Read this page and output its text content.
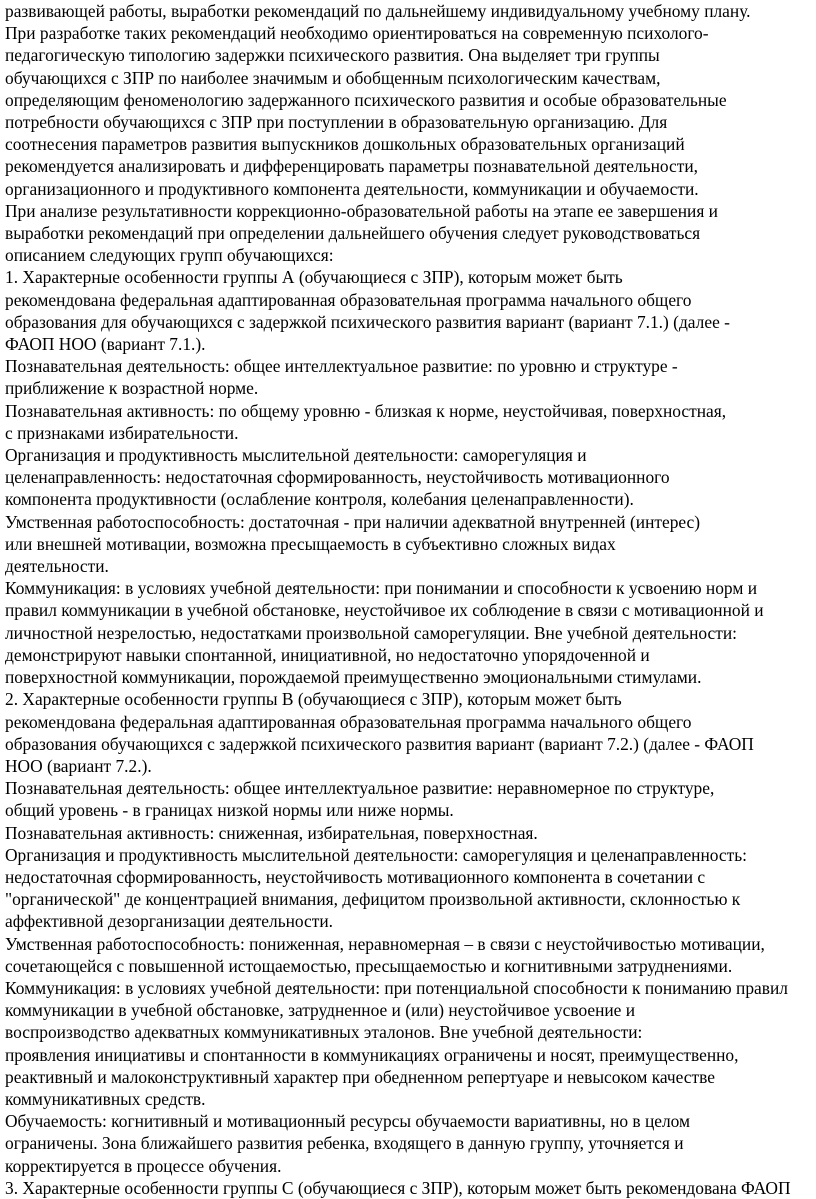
развивающей работы, выработки рекомендаций по дальнейшему индивидуальному учебному плану.
При разработке таких рекомендаций необходимо ориентироваться на современную психолого-
педагогическую типологию задержки психического развития. Она выделяет три группы
обучающихся с ЗПР по наиболее значимым и обобщенным психологическим качествам,
определяющим феноменологию задержанного психического развития и особые образовательные
потребности обучающихся с ЗПР при поступлении в образовательную организацию. Для
соотнесения параметров развития выпускников дошкольных образовательных организаций
рекомендуется анализировать и дифференцировать параметры познавательной деятельности,
организационного и продуктивного компонента деятельности, коммуникации и обучаемости.
При анализе результативности коррекционно-образовательной работы на этапе ее завершения и
выработки рекомендаций при определении дальнейшего обучения следует руководствоваться
описанием следующих групп обучающихся:
1. Характерные особенности группы А (обучающиеся с ЗПР), которым может быть
рекомендована федеральная адаптированная образовательная программа начального общего
образования для обучающихся с задержкой психического развития вариант (вариант 7.1.) (далее -
ФАОП НОО (вариант 7.1.).
Познавательная деятельность: общее интеллектуальное развитие: по уровню и структуре -
приближение к возрастной норме.
Познавательная активность: по общему уровню - близкая к норме, неустойчивая, поверхностная,
с признаками избирательности.
Организация и продуктивность мыслительной деятельности: саморегуляция и
целенаправленность: недостаточная сформированность, неустойчивость мотивационного
компонента продуктивности (ослабление контроля, колебания целенаправленности).
Умственная работоспособность: достаточная - при наличии адекватной внутренней (интерес)
или внешней мотивации, возможна пресыщаемость в субъективно сложных видах
деятельности.
Коммуникация: в условиях учебной деятельности: при понимании и способности к усвоению норм и
правил коммуникации в учебной обстановке, неустойчивое их соблюдение в связи с мотивационной и
личностной незрелостью, недостатками произвольной саморегуляции. Вне учебной деятельности:
демонстрируют навыки спонтанной, инициативной, но недостаточно упорядоченной и
поверхностной коммуникации, порождаемой преимущественно эмоциональными стимулами.
2. Характерные особенности группы В (обучающиеся с ЗПР), которым может быть
рекомендована федеральная адаптированная образовательная программа начального общего
образования обучающихся с задержкой психического развития вариант (вариант 7.2.) (далее - ФАОП
НОО (вариант 7.2.).
Познавательная деятельность: общее интеллектуальное развитие: неравномерное по структуре,
общий уровень - в границах низкой нормы или ниже нормы.
Познавательная активность: сниженная, избирательная, поверхностная.
Организация и продуктивность мыслительной деятельности: саморегуляция и целенаправленность:
недостаточная сформированность, неустойчивость мотивационного компонента в сочетании с
"органической" де концентрацией внимания, дефицитом произвольной активности, склонностью к
аффективной дезорганизации деятельности.
Умственная работоспособность: пониженная, неравномерная – в связи с неустойчивостью мотивации,
сочетающейся с повышенной истощаемостью, пресыщаемостью и когнитивными затруднениями.
Коммуникация: в условиях учебной деятельности: при потенциальной способности к пониманию правил
коммуникации в учебной обстановке, затрудненное и (или) неустойчивое усвоение и
воспроизводство адекватных коммуникативных эталонов. Вне учебной деятельности:
проявления инициативы и спонтанности в коммуникациях ограничены и носят, преимущественно,
реактивный и малоконструктивный характер при обедненном репертуаре и невысоком качестве
коммуникативных средств.
Обучаемость: когнитивный и мотивационный ресурсы обучаемости вариативны, но в целом
ограничены. Зона ближайшего развития ребенка, входящего в данную группу, уточняется и
корректируется в процессе обучения.
3. Характерные особенности группы С (обучающиеся с ЗПР), которым может быть рекомендована ФАОП
